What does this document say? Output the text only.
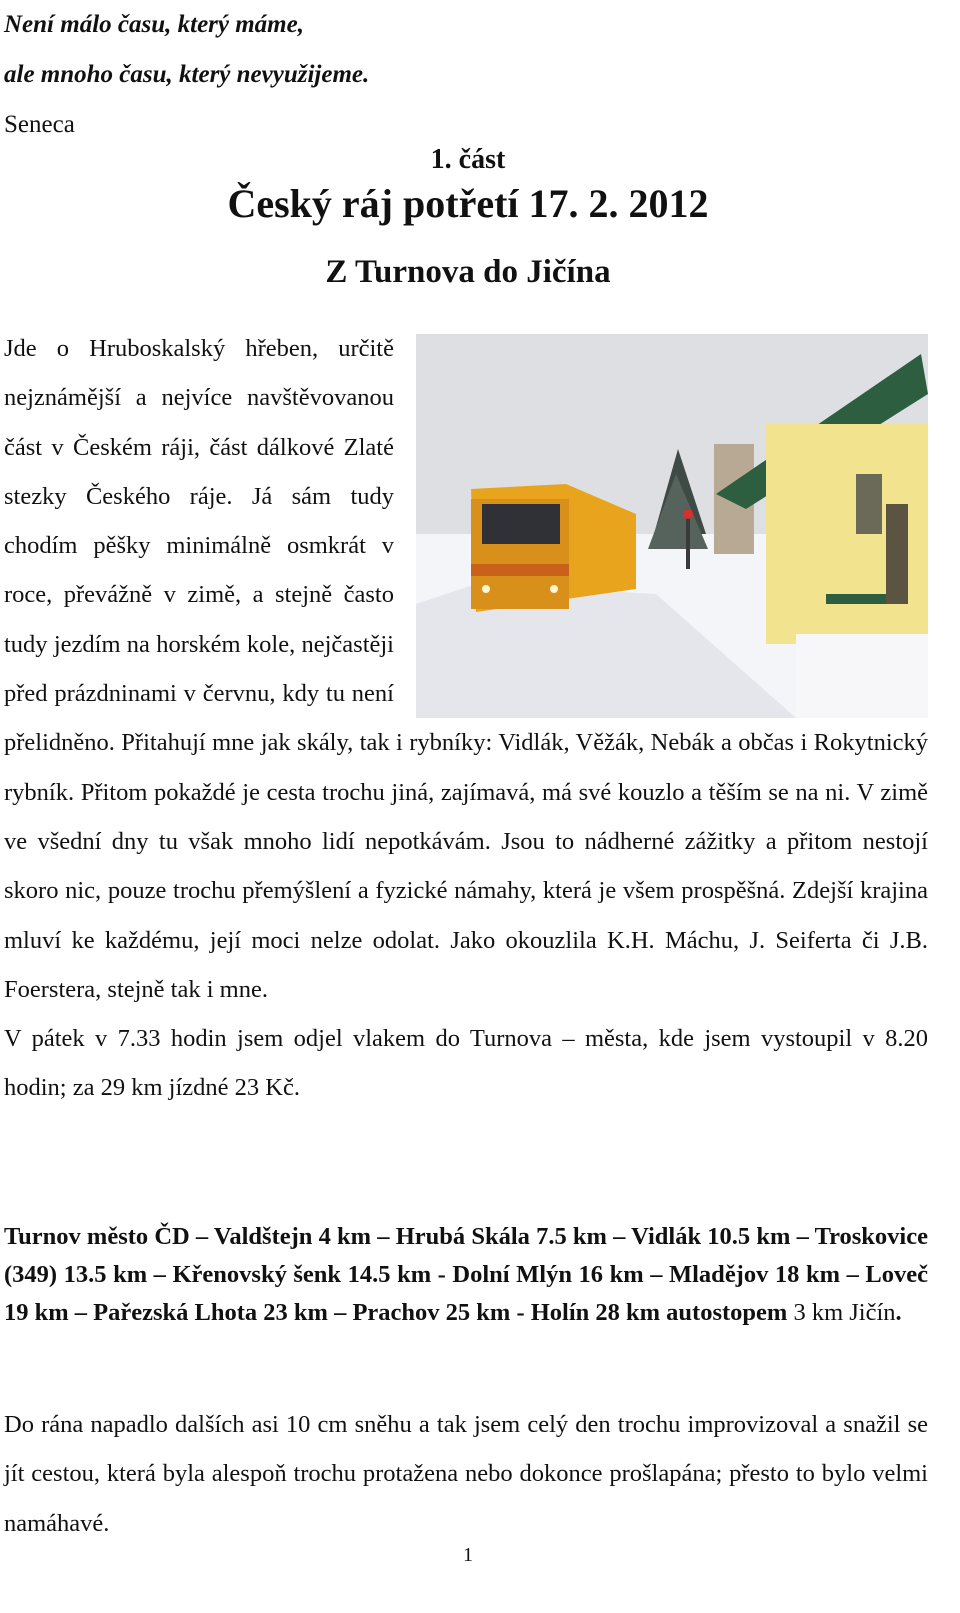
Není málo času, který máme,
ale mnoho času, který nevyužijeme.
Seneca
1. část
Český ráj potřetí 17. 2. 2012
Z Turnova do Jičína

Jde o Hruboskalský hřeben, určitě nejznámější a nejvíce navštěvovanou část v Českém ráji, část dálkové Zlaté stezky Českého ráje. Já sám tudy chodím pěšky minimálně osmkrát v roce, převážně v zimě, a stejně často tudy jezdím na horském kole, nejčastěji před prázdninami v červnu, kdy tu není přelidněno. Přitahují mne jak skály, tak i rybníky: Vidlák, Věžák, Nebák a občas i Rokytnický rybník. Přitom pokaždé je cesta trochu jiná, zajímavá, má své kouzlo a těším se na ni. V zimě ve všední dny tu však mnoho lidí nepotkávám. Jsou to nádherné zážitky a přitom nestojí skoro nic, pouze trochu přemýšlení a fyzické námahy, která je všem prospěšná. Zdejší krajina mluví ke každému, její moci nelze odolat. Jako okouzlila K.H. Máchu, J. Seiferta či J.B. Foerstera, stejně tak i mne.

V pátek v 7.33 hodin jsem odjel vlakem do Turnova – města, kde jsem vystoupil v 8.20 hodin; za 29 km jízdné 23 Kč.

Turnov město ČD – Valdštejn 4 km – Hrubá Skála 7.5 km – Vidlák 10.5 km – Troskovice (349) 13.5 km – Křenovský šenk 14.5 km - Dolní Mlýn 16 km – Mladějov 18 km – Loveč 19 km – Pařezská Lhota 23 km – Prachov 25 km - Holín 28 km autostopem 3 km Jičín.

Do rána napadlo dalších asi 10 cm sněhu a tak jsem celý den trochu improvizoval a snažil se jít cestou, která byla alespoň trochu protažena nebo dokonce prošlapána; přesto to bylo velmi namáhavé.

1
